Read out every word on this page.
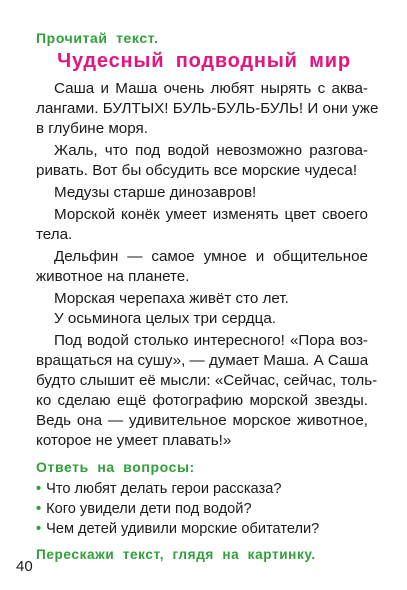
Прочитай текст.
Чудесный подводный мир
Саша и Маша очень любят нырять с аква-
лангами. БУЛТЫХ! БУЛЬ-БУЛЬ-БУЛЬ! И они уже
в глубине моря.
Жаль, что под водой невозможно разгова-
ривать. Вот бы обсудить все морские чудеса!
Медузы старше динозавров!
Морской конёк умеет изменять цвет своего
тела.
Дельфин — самое умное и общительное
животное на планете.
Морская черепаха живёт сто лет.
У осьминога целых три сердца.
Под водой столько интересного! «Пора воз-
вращаться на сушу», — думает Маша. А Саша
будто слышит её мысли: «Сейчас, сейчас, толь-
ко сделаю ещё фотографию морской звезды.
Ведь она — удивительное морское животное,
которое не умеет плавать!»
Ответь на вопросы:
• Что любят делать герои рассказа?
• Кого увидели дети под водой?
• Чем детей удивили морские обитатели?
Перескажи текст, глядя на картинку.
40
